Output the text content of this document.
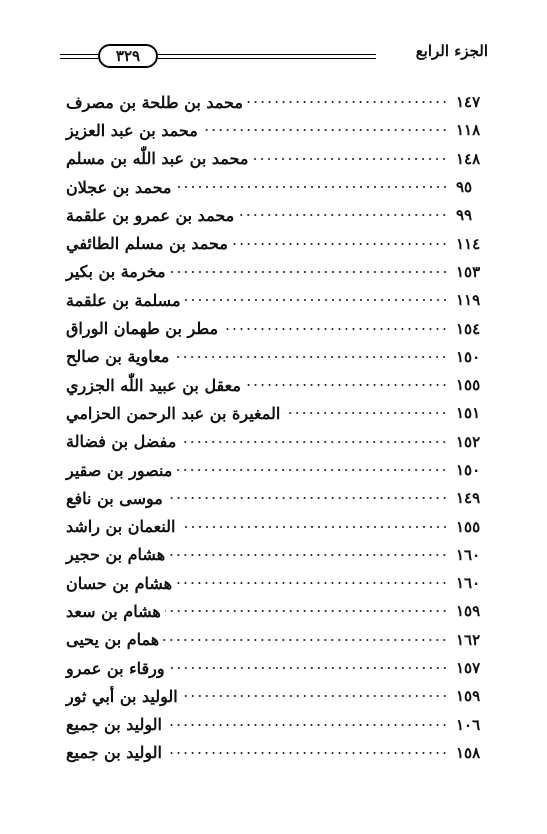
٣٢٩	الجزء الرابع
محمد بن طلحة بن مصرف	١٤٧
محمد بن عبد العزيز	١١٨
محمد بن عبد اللّٰه بن مسلم	١٤٨
محمد بن عجلان	٩٥
محمد بن عمرو بن علقمة	٩٩
محمد بن مسلم الطائفي	١١٤
مخرمة بن بكير	١٥٣
مسلمة بن علقمة	١١٩
مطر بن طهمان الوراق	١٥٤
معاوية بن صالح	١٥٠
معقل بن عبيد اللّٰه الجزري	١٥٥
المغيرة بن عبد الرحمن الحزامي	١٥١
مفضل بن فضالة	١٥٢
منصور بن صقير	١٥٠
موسى بن نافع	١٤٩
النعمان بن راشد	١٥٥
هشام بن حجير	١٦٠
هشام بن حسان	١٦٠
هشام بن سعد	١٥٩
همام بن يحيى	١٦٢
ورقاء بن عمرو	١٥٧
الوليد بن أبي ثور	١٥٩
الوليد بن جميع	١٠٦
الوليد بن جميع	١٥٨
